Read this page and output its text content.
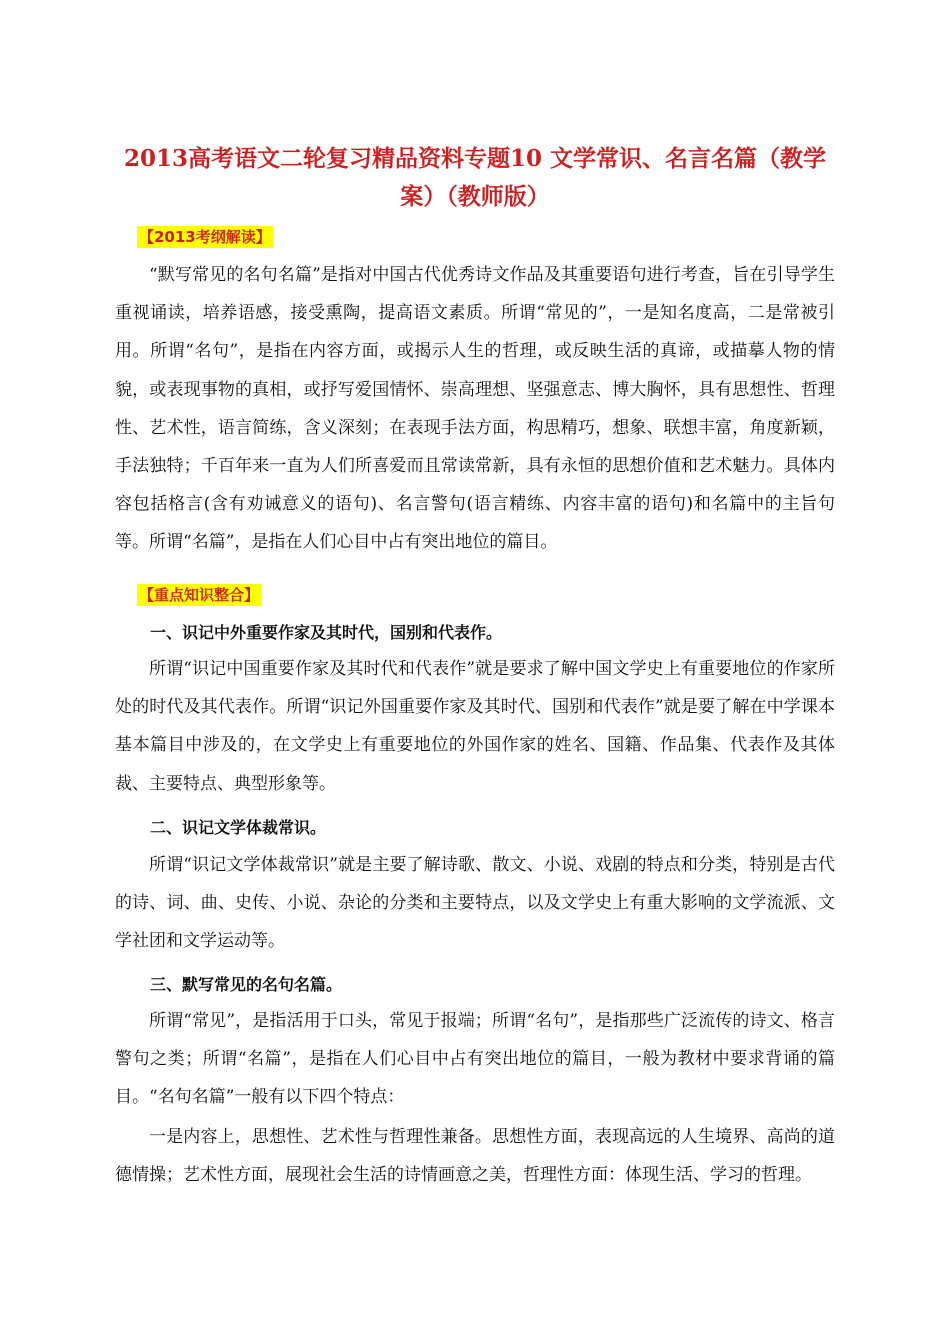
2013高考语文二轮复习精品资料专题10 文学常识、名言名篇（教学案）（教师版）
【2013考纲解读】

“默写常见的名句名篇”是指对中国古代优秀诗文作品及其重要语句进行考查，旨在引导学生重视诵读，培养语感，接受熏陶，提高语文素质。所谓“常见的”，一是知名度高，二是常被引用。所谓“名句”，是指在内容方面，或揭示人生的哲理，或反映生活的真谛，或描摹人物的情貌，或表现事物的真相，或抒写爱国情怀、崇高理想、坚强意志、博大胸怀，具有思想性、哲理性、艺术性，语言简练，含义深刻；在表现手法方面，构思精巧，想象、联想丰富，角度新颖，手法独特；千百年来一直为人们所喜爱而且常读常新，具有永恒的思想价值和艺术魅力。具体内容包括格言(含有劝诫意义的语句)、名言警句(语言精练、内容丰富的语句)和名篇中的主旨句等。所谓“名篇”，是指在人们心目中占有突出地位的篇目。

【重点知识整合】
一、识记中外重要作家及其时代，国别和代表作。

所谓“识记中国重要作家及其时代和代表作”就是要求了解中国文学史上有重要地位的作家所处的时代及其代表作。所谓“识记外国重要作家及其时代、国别和代表作”就是要了解在中学课本基本篇目中涉及的，在文学史上有重要地位的外国作家的姓名、国籍、作品集、代表作及其体裁、主要特点、典型形象等。

二、识记文学体裁常识。

所谓“识记文学体裁常识”就是主要了解诗歌、散文、小说、戏剧的特点和分类，特别是古代的诗、词、曲、史传、小说、杂论的分类和主要特点，以及文学史上有重大影响的文学流派、文学社团和文学运动等。

三、默写常见的名句名篇。

所谓“常见”，是指活用于口头，常见于报端；所谓“名句”，是指那些广泛流传的诗文、格言警句之类；所谓“名篇”，是指在人们心目中占有突出地位的篇目，一般为教材中要求背诵的篇目。“名句名篇”一般有以下四个特点：

一是内容上，思想性、艺术性与哲理性兼备。思想性方面，表现高远的人生境界、高尚的道德情操；艺术性方面，展现社会生活的诗情画意之美，哲理性方面：体现生活、学习的哲理。
